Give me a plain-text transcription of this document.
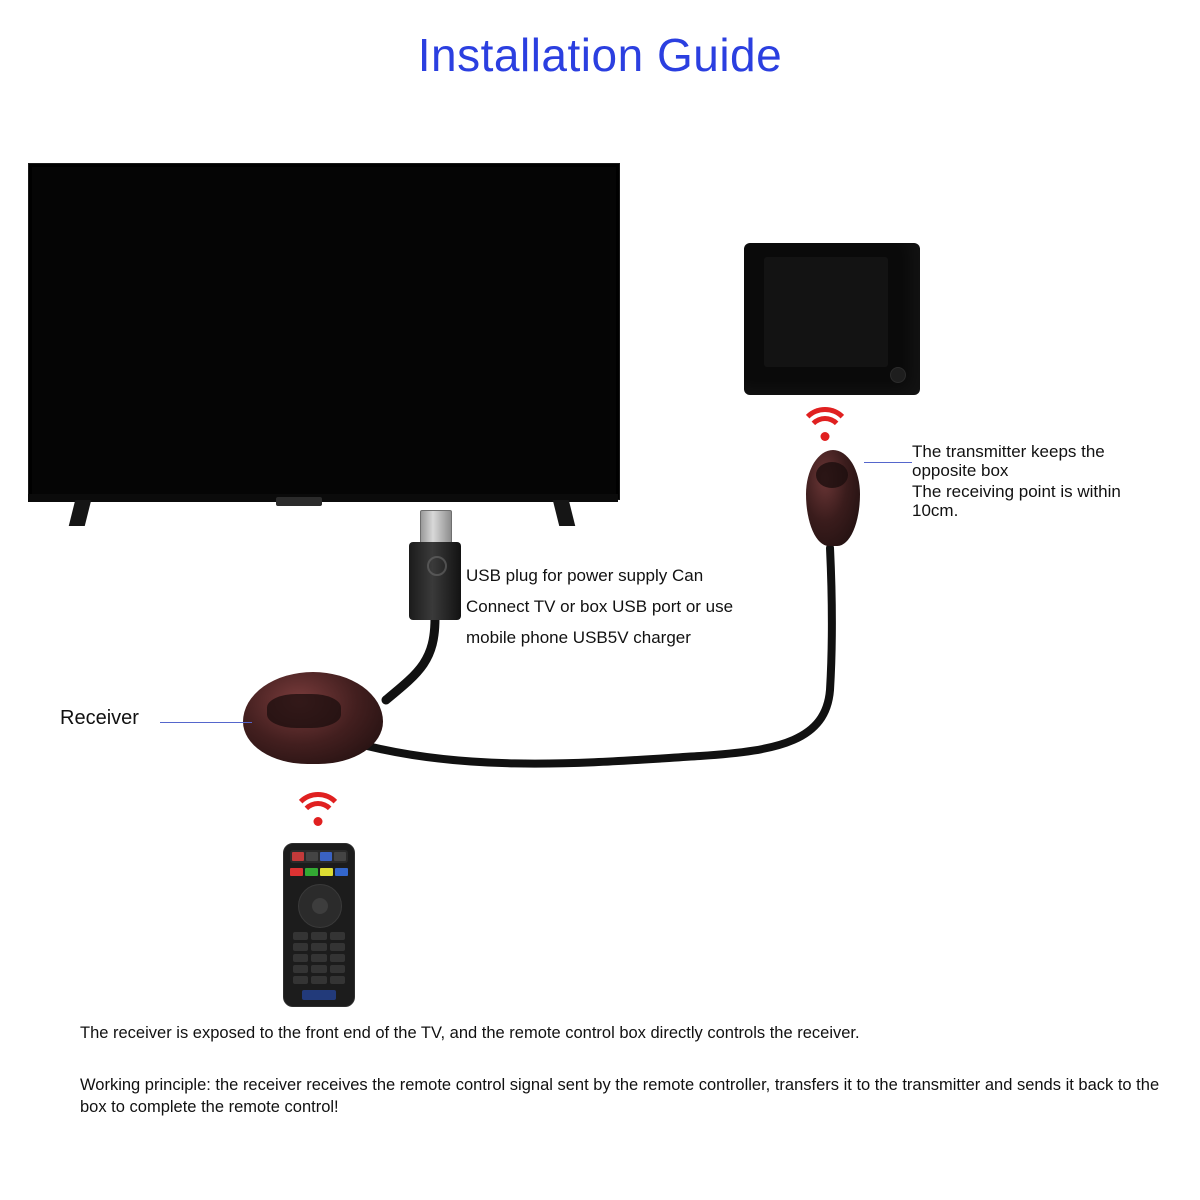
Installation Guide
Receiver
USB plug for power supply Can Connect TV or box USB port or use mobile phone USB5V charger
The transmitter keeps the opposite box
The receiving point is within 10cm.

The receiver is exposed to the front end of the TV, and the remote control box directly controls the receiver.

Working principle: the receiver receives the remote control signal sent by the remote controller, transfers it to the transmitter and sends it back to the box to complete the remote control!
